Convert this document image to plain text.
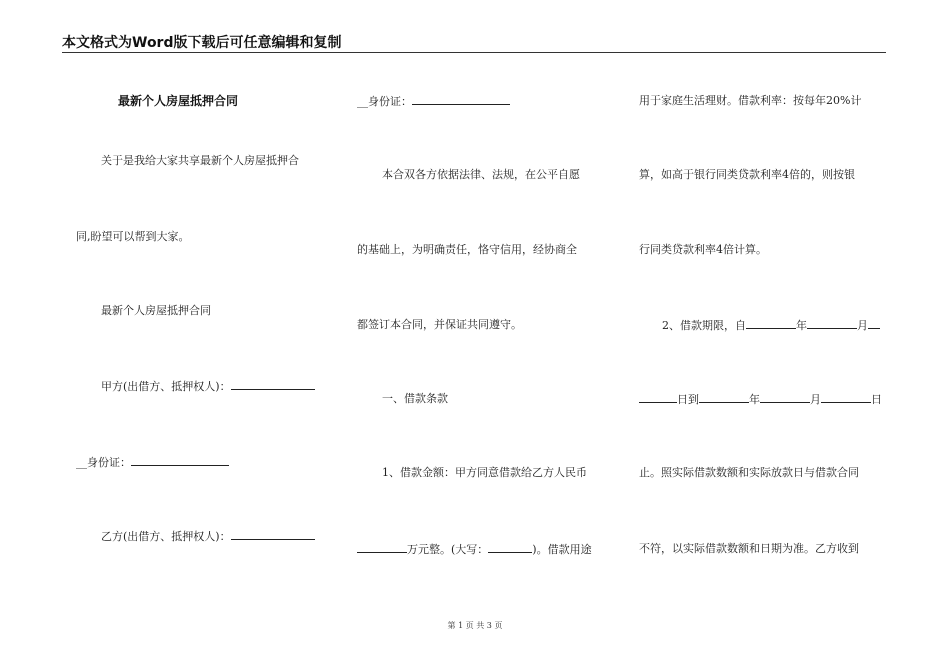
本文格式为Word版下载后可任意编辑和复制
最新个人房屋抵押合同
关于是我给大家共享最新个人房屋抵押合
同,盼望可以帮到大家。
最新个人房屋抵押合同
甲方(出借方、抵押权人)：
__身份证：
乙方(出借方、抵押权人)：
__身份证：
本合双各方依据法律、法规，在公平自愿
的基础上，为明确责任，恪守信用，经协商全
都签订本合同，并保证共同遵守。
一、借款条款
1、借款金额：甲方同意借款给乙方人民币
万元整。(大写：	)。借款用途
用于家庭生活理财。借款利率：按每年20%计
算，如高于银行同类贷款利率4倍的，则按银
行同类贷款利率4倍计算。
2、借款期限，自	年	月
日到	年	月	日
止。照实际借款数额和实际放款日与借款合同
不符，以实际借款数额和日期为准。乙方收到
第 1 页 共 3 页
